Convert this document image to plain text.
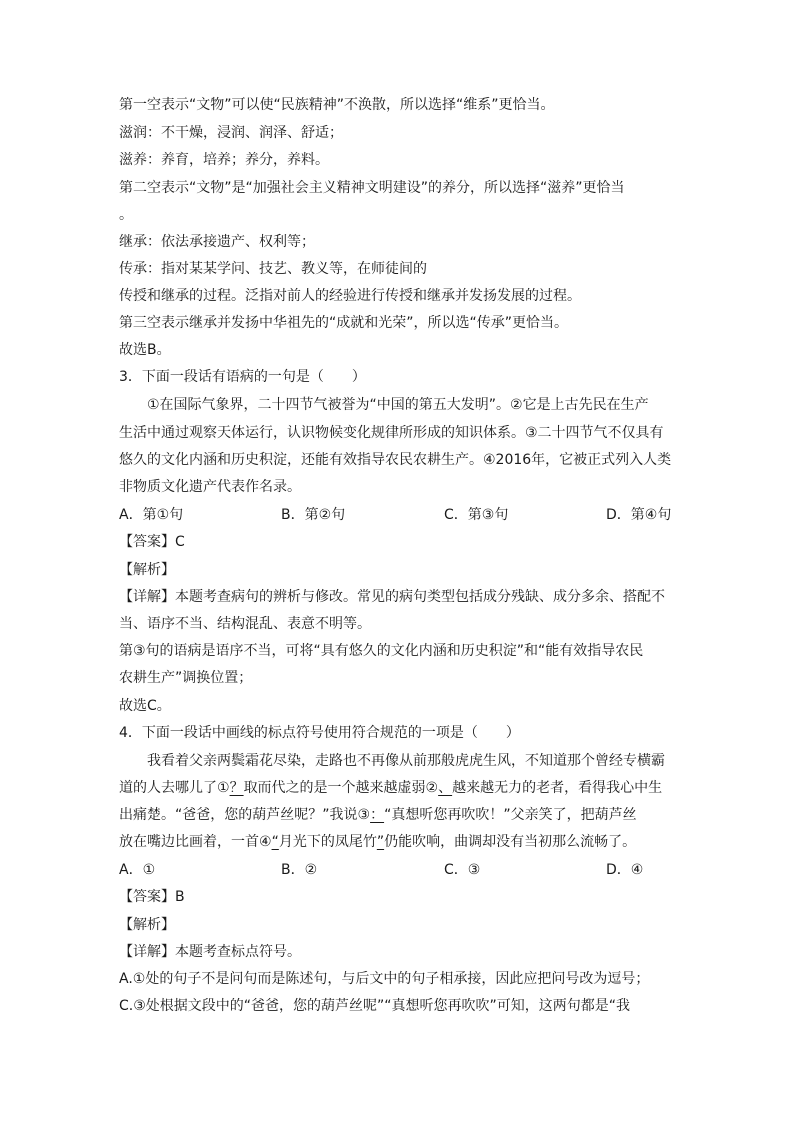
第一空表示“文物”可以使“民族精神”不涣散，所以选择“维系”更恰当。
滋润：不干燥，浸润、润泽、舒适；
滋养：养育，培养；养分，养料。
第二空表示“文物”是“加强社会主义精神文明建设”的养分，所以选择“滋养”更恰当
。
继承：依法承接遗产、权利等；
传承：指对某某学问、技艺、教义等，在师徒间的
传授和继承的过程。泛指对前人的经验进行传授和继承并发扬发展的过程。
第三空表示继承并发扬中华祖先的“成就和光荣”，所以选“传承”更恰当。
故选B。
3．下面一段话有语病的一句是（　　）
①在国际气象界，二十四节气被誉为“中国的第五大发明”。②它是上古先民在生产
生活中通过观察天体运行，认识物候变化规律所形成的知识体系。③二十四节气不仅具有
悠久的文化内涵和历史积淀，还能有效指导农民农耕生产。④2016年，它被正式列入人类
非物质文化遗产代表作名录。
A．第①句	B．第②句	C．第③句	D．第④句
【答案】C
【解析】
【详解】本题考查病句的辨析与修改。常见的病句类型包括成分残缺、成分多余、搭配不
当、语序不当、结构混乱、表意不明等。
第③句的语病是语序不当，可将“具有悠久的文化内涵和历史积淀”和“能有效指导农民
农耕生产”调换位置；
故选C。
4．下面一段话中画线的标点符号使用符合规范的一项是（　　）
我看着父亲两鬓霜花尽染，走路也不再像从前那般虎虎生风，不知道那个曾经专横霸
道的人去哪儿了①？取而代之的是一个越来越虚弱②、越来越无力的老者，看得我心中生
出痛楚。“爸爸，您的葫芦丝呢？”我说③：“真想听您再吹吹！”父亲笑了，把葫芦丝
放在嘴边比画着，一首④“月光下的凤尾竹”仍能吹响，曲调却没有当初那么流畅了。
A．①	B．②	C．③	D．④
【答案】B
【解析】
【详解】本题考查标点符号。
A.①处的句子不是问句而是陈述句，与后文中的句子相承接，因此应把问号改为逗号；
C.③处根据文段中的“爸爸，您的葫芦丝呢”“真想听您再吹吹”可知，这两句都是“我
